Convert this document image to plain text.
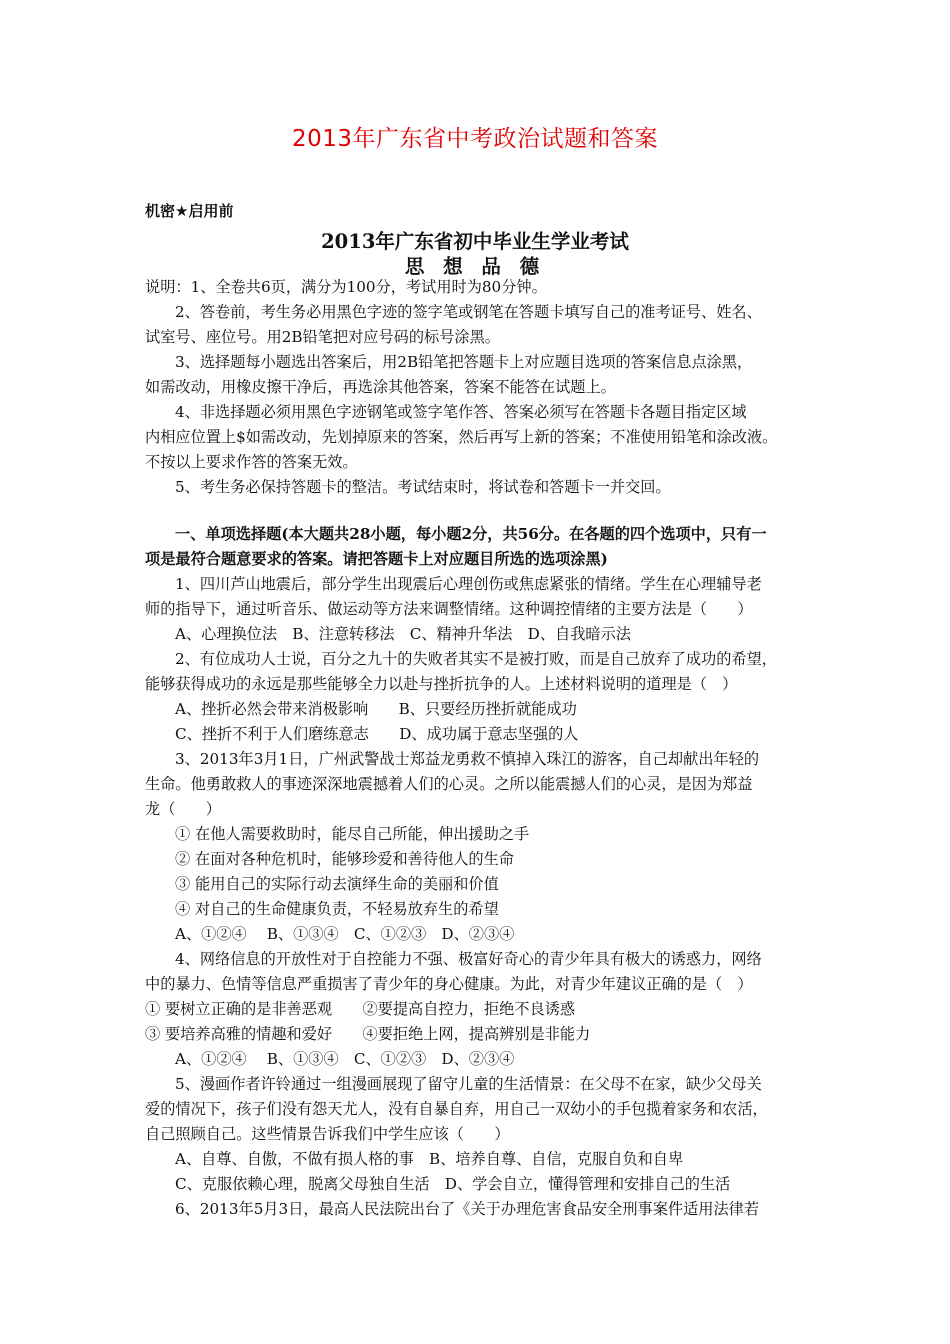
2013年广东省中考政治试题和答案
机密★启用前
2013年广东省初中毕业生学业考试
思 想 品 德
说明：1、全卷共6页，满分为100分，考试用时为80分钟。
2、答卷前，考生务必用黑色字迹的签字笔或钢笔在答题卡填写自己的准考证号、姓名、
试室号、座位号。用2B铅笔把对应号码的标号涂黑。
3、选择题每小题选出答案后，用2B铅笔把答题卡上对应题目选项的答案信息点涂黑，
如需改动，用橡皮擦干净后，再选涂其他答案，答案不能答在试题上。
4、非选择题必须用黑色字迹钢笔或签字笔作答、答案必须写在答题卡各题目指定区域
内相应位置上$如需改动，先划掉原来的答案，然后再写上新的答案；不准使用铅笔和涂改液。
不按以上要求作答的答案无效。
5、考生务必保持答题卡的整洁。考试结束时，将试卷和答题卡一并交回。
一、单项选择题(本大题共28小题，每小题2分，共56分。在各题的四个选项中，只有一
项是最符合题意要求的答案。请把答题卡上对应题目所选的选项涂黑)
1、四川芦山地震后，部分学生出现震后心理创伤或焦虑紧张的情绪。学生在心理辅导老
师的指导下，通过听音乐、做运动等方法来调整情绪。这种调控情绪的主要方法是（　　）
A、心理换位法　B、注意转移法　C、精神升华法　D、自我暗示法
2、有位成功人士说，百分之九十的失败者其实不是被打败，而是自己放弃了成功的希望，
能够获得成功的永远是那些能够全力以赴与挫折抗争的人。上述材料说明的道理是（　）
A、挫折必然会带来消极影响　　B、只要经历挫折就能成功
C、挫折不利于人们磨练意志　　D、成功属于意志坚强的人
3、2013年3月1日，广州武警战士郑益龙勇救不慎掉入珠江的游客，自己却献出年轻的
生命。他勇敢救人的事迹深深地震撼着人们的心灵。之所以能震撼人们的心灵，是因为郑益
龙（　　）
① 在他人需要救助时，能尽自己所能，伸出援助之手
② 在面对各种危机时，能够珍爱和善待他人的生命
③ 能用自己的实际行动去演绎生命的美丽和价值
④ 对自己的生命健康负责，不轻易放弃生的希望
A、①②④　 B、①③④　C、①②③　D、②③④
4、网络信息的开放性对于自控能力不强、极富好奇心的青少年具有极大的诱惑力，网络
中的暴力、色情等信息严重损害了青少年的身心健康。为此，对青少年建议正确的是（　）
① 要树立正确的是非善恶观　　②要提高自控力，拒绝不良诱惑
③ 要培养高雅的情趣和爱好　　④要拒绝上网，提高辨别是非能力
A、①②④　 B、①③④　C、①②③　D、②③④
5、漫画作者许铃通过一组漫画展现了留守儿童的生活情景：在父母不在家，缺少父母关
爱的情况下，孩子们没有怨天尤人，没有自暴自弃，用自己一双幼小的手包揽着家务和农活，
自己照顾自己。这些情景告诉我们中学生应该（　　）
A、自尊、自傲，不做有损人格的事　B、培养自尊、自信，克服自负和自卑
C、克服依赖心理，脱离父母独自生活　D、学会自立，懂得管理和安排自己的生活
6、2013年5月3日，最高人民法院出台了《关于办理危害食品安全刑事案件适用法律若
